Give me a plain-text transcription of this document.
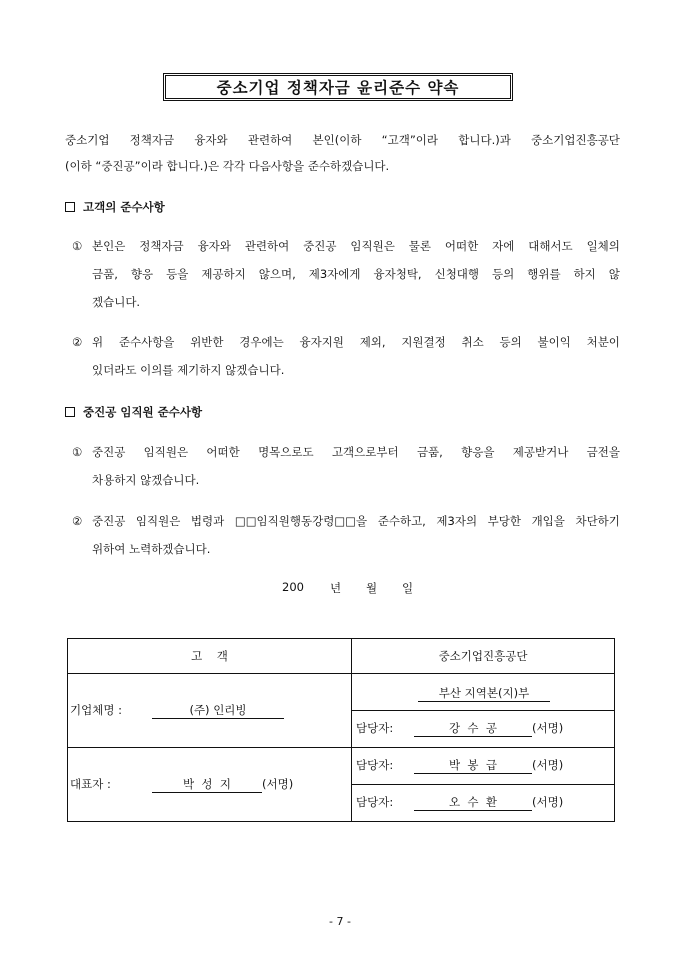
중소기업 정책자금 윤리준수 약속
중소기업 정책자금 융자와 관련하여 본인(이하 “고객”이라 합니다.)과 중소기업진흥공단
(이하 “중진공”이라 합니다.)은 각각 다음사항을 준수하겠습니다.
고객의 준수사항
① 본인은 정책자금 융자와 관련하여 중진공 임직원은 물론 어떠한 자에 대해서도 일체의
금품, 향응 등을 제공하지 않으며, 제3자에게 융자청탁, 신청대행 등의 행위를 하지 않
겠습니다.
② 위 준수사항을 위반한 경우에는 융자지원 제외, 지원결정 취소 등의 불이익 처분이
있더라도 이의를 제기하지 않겠습니다.
중진공 임직원 준수사항
① 중진공 임직원은 어떠한 명목으로도 고객으로부터 금품, 향응을 제공받거나 금전을
차용하지 않겠습니다.
② 중진공 임직원은 법령과 □□임직원행동강령□□을 준수하고, 제3자의 부당한 개입을 차단하기
위하여 노력하겠습니다.
200	년	월	일
고    객	중소기업진흥공단
기업체명 : (주) 인리빙	부산 지역본(지)부
	담당자: 강  수  공 (서명)
대표자 : 박  성  지 (서명)	담당자: 박  봉  급 (서명)
	담당자: 오  수  환 (서명)
- 7 -
